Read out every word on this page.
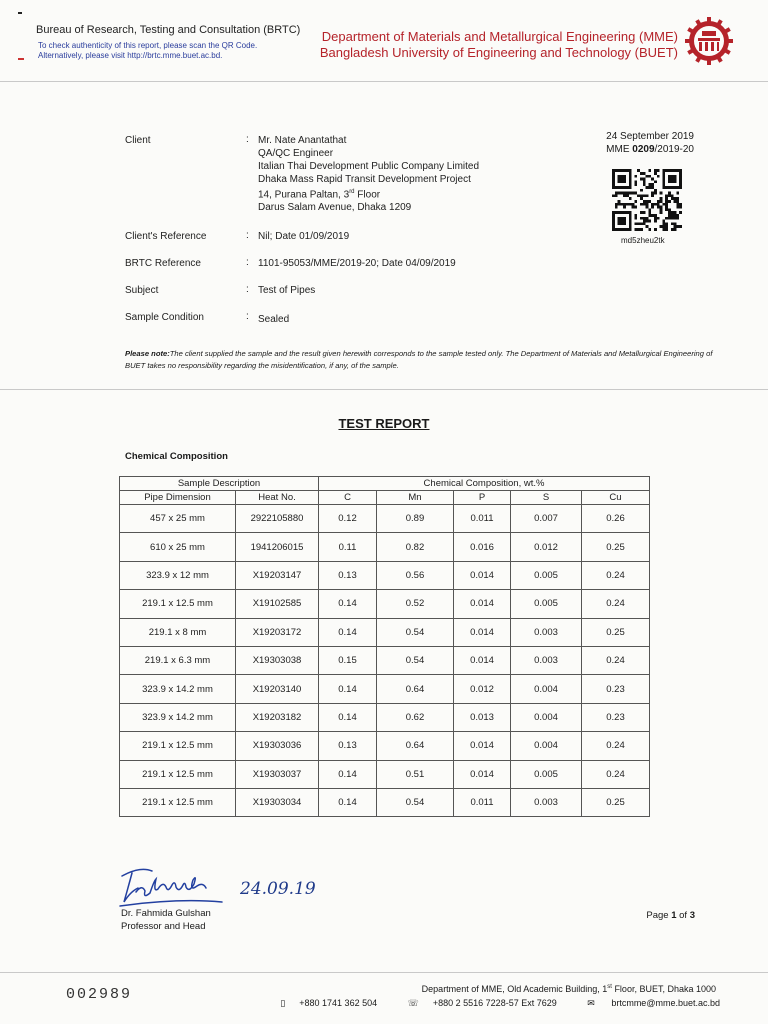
Bureau of Research, Testing and Consultation (BRTC)
To check authenticity of this report, please scan the QR Code.
Alternatively, please visit http://brtc.mme.buet.ac.bd.
Department of Materials and Metallurgical Engineering (MME)
Bangladesh University of Engineering and Technology (BUET)
Client	: Mr. Nate Anantathat
QA/QC Engineer
Italian Thai Development Public Company Limited
Dhaka Mass Rapid Transit Development Project
14, Purana Paltan, 3rd Floor
Darus Salam Avenue, Dhaka 1209
Client's Reference	: Nil; Date 01/09/2019
BRTC Reference	: 1101-95053/MME/2019-20; Date 04/09/2019
Subject	: Test of Pipes
Sample Condition	: Sealed
24 September 2019
MME 0209/2019-20
md5zheu2tk
Please note:The client supplied the sample and the result given herewith corresponds to the sample tested only. The Department of Materials and Metallurgical Engineering of BUET takes no responsibility regarding the misidentification, if any, of the sample.
TEST REPORT
Chemical Composition
Sample Description		Chemical Composition, wt.%				
Pipe Dimension	Heat No.	C	Mn	P	S	Cu
457 x 25 mm	2922105880	0.12	0.89	0.011	0.007	0.26
610 x 25 mm	1941206015	0.11	0.82	0.016	0.012	0.25
323.9 x 12 mm	X19203147	0.13	0.56	0.014	0.005	0.24
219.1 x 12.5 mm	X19102585	0.14	0.52	0.014	0.005	0.24
219.1 x 8 mm	X19203172	0.14	0.54	0.014	0.003	0.25
219.1 x 6.3 mm	X19303038	0.15	0.54	0.014	0.003	0.24
323.9 x 14.2 mm	X19203140	0.14	0.64	0.012	0.004	0.23
323.9 x 14.2 mm	X19203182	0.14	0.62	0.013	0.004	0.23
219.1 x 12.5 mm	X19303036	0.13	0.64	0.014	0.004	0.24
219.1 x 12.5 mm	X19303037	0.14	0.51	0.014	0.005	0.24
219.1 x 12.5 mm	X19303034	0.14	0.54	0.011	0.003	0.25
24.09.19
Dr. Fahmida Gulshan
Professor and Head
Page 1 of 3
002989	Department of MME, Old Academic Building, 1st Floor, BUET, Dhaka 1000
▯ +880 1741 362 504	☏ +880 2 5516 7228-57 Ext 7629	✉ brtcmme@mme.buet.ac.bd
